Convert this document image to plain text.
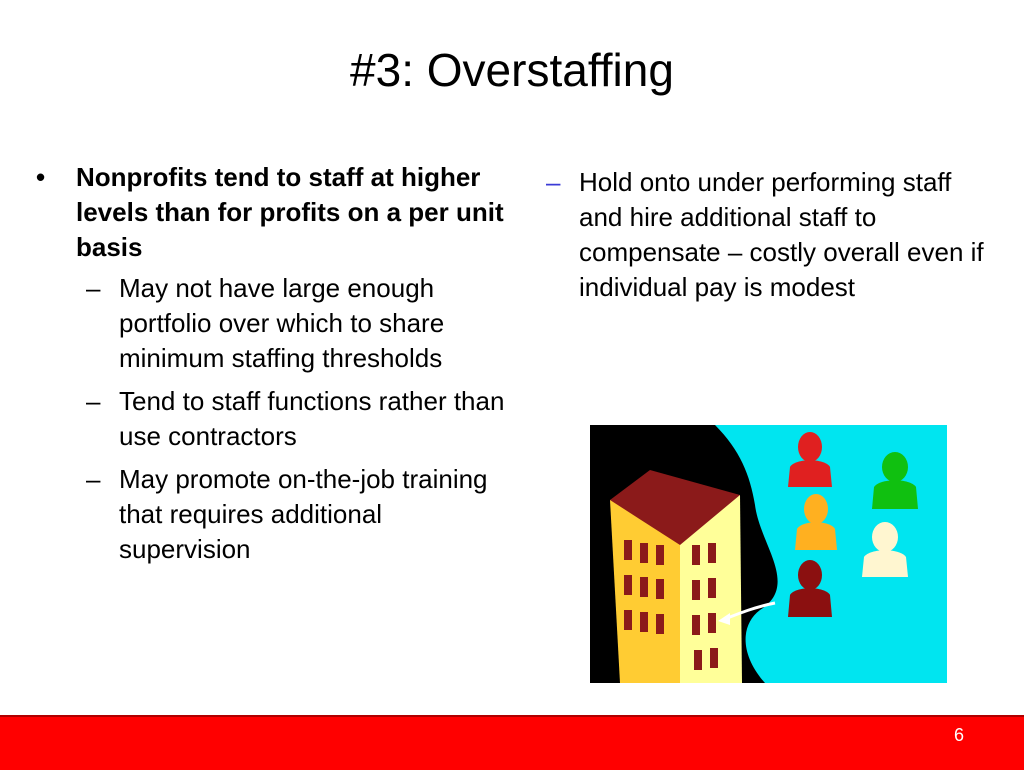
#3: Overstaffing
• Nonprofits tend to staff at higher levels than for profits on a per unit basis
– May not have large enough portfolio over which to share minimum staffing thresholds
– Tend to staff functions rather than use contractors
– May promote on-the-job training that requires additional supervision
– Hold onto under performing staff and hire additional staff to compensate – costly overall even if individual pay is modest
6
